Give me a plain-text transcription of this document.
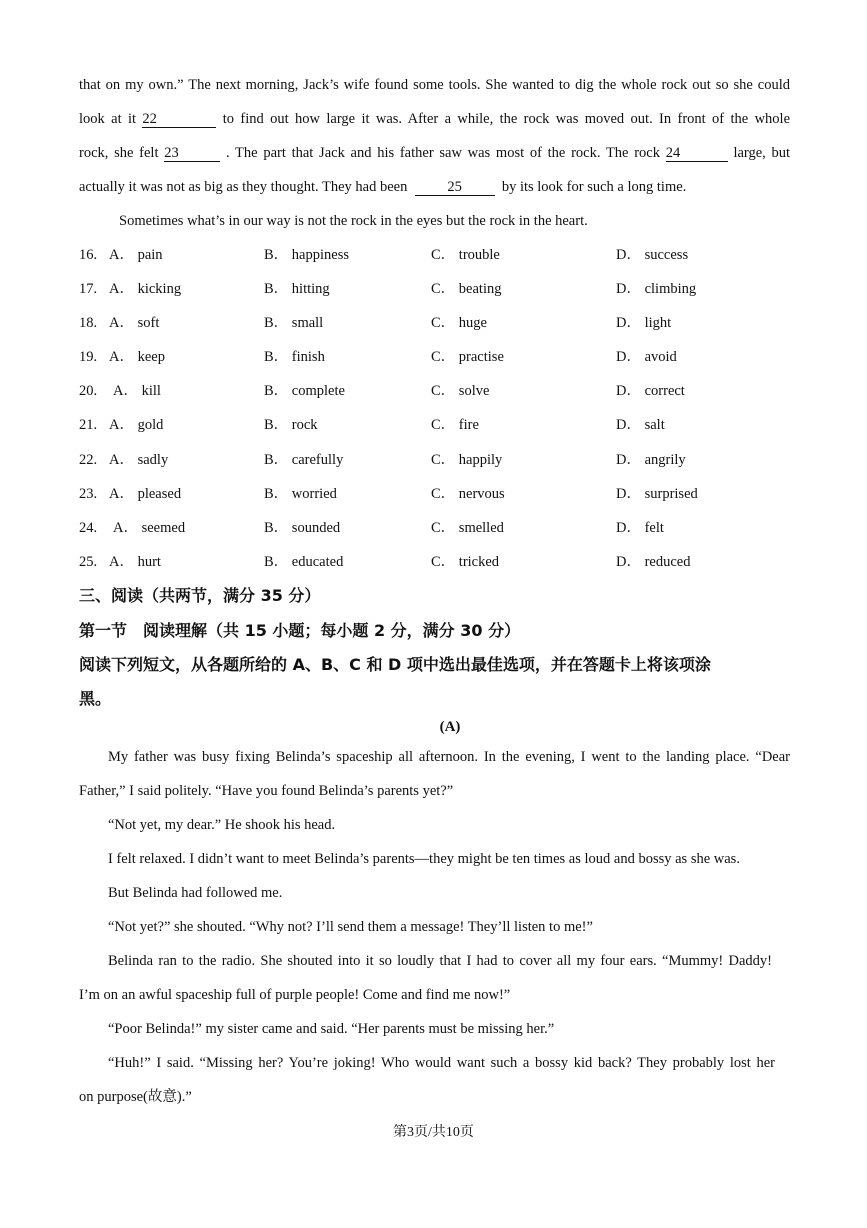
that on my own.” The next morning, Jack’s wife found some tools. She wanted to dig the whole rock out so she could
look at it 22	to find out how large it was. After a while, the rock was moved out. In front of the whole
rock, she felt 23	. The part that Jack and his father saw was most of the rock. The rock 24	large, but
actually it was not as big as they thought. They had been	25	by its look for such a long time.
Sometimes what’s in our way is not the rock in the eyes but the rock in the heart.
16. A． pain	B． happiness	C． trouble	D． success
17. A． kicking	B． hitting	C． beating	D． climbing
18. A． soft	B． small	C． huge	D． light
19. A． keep	B． finish	C． practise	D． avoid
20. A． kill	B． complete	C． solve	D． correct
21. A． gold	B． rock	C． fire	D． salt
22. A． sadly	B． carefully	C． happily	D． angrily
23. A． pleased	B． worried	C． nervous	D． surprised
24. A． seemed	B． sounded	C． smelled	D． felt
25. A． hurt	B． educated	C． tricked	D． reduced
三、阅读（共两节，满分 35 分）
第一节　阅读理解（共 15 小题；每小题 2 分，满分 30 分）
阅读下列短文，从各题所给的 A、B、C 和 D 项中选出最佳选项，并在答题卡上将该项涂
黑。
(A)
My father was busy fixing Belinda’s spaceship all afternoon. In the evening, I went to the landing place. “Dear
Father,” I said politely. “Have you found Belinda’s parents yet?”
“Not yet, my dear.” He shook his head.
I felt relaxed. I didn’t want to meet Belinda’s parents—they might be ten times as loud and bossy as she was.
But Belinda had followed me.
“Not yet?” she shouted. “Why not? I’ll send them a message! They’ll listen to me!”
Belinda ran to the radio. She shouted into it so loudly that I had to cover all my four ears. “Mummy! Daddy!
I’m on an awful spaceship full of purple people! Come and find me now!”
“Poor Belinda!” my sister came and said. “Her parents must be missing her.”
“Huh!” I said. “Missing her? You’re joking! Who would want such a bossy kid back? They probably lost her
on purpose(故意).”
第3页/共10页
